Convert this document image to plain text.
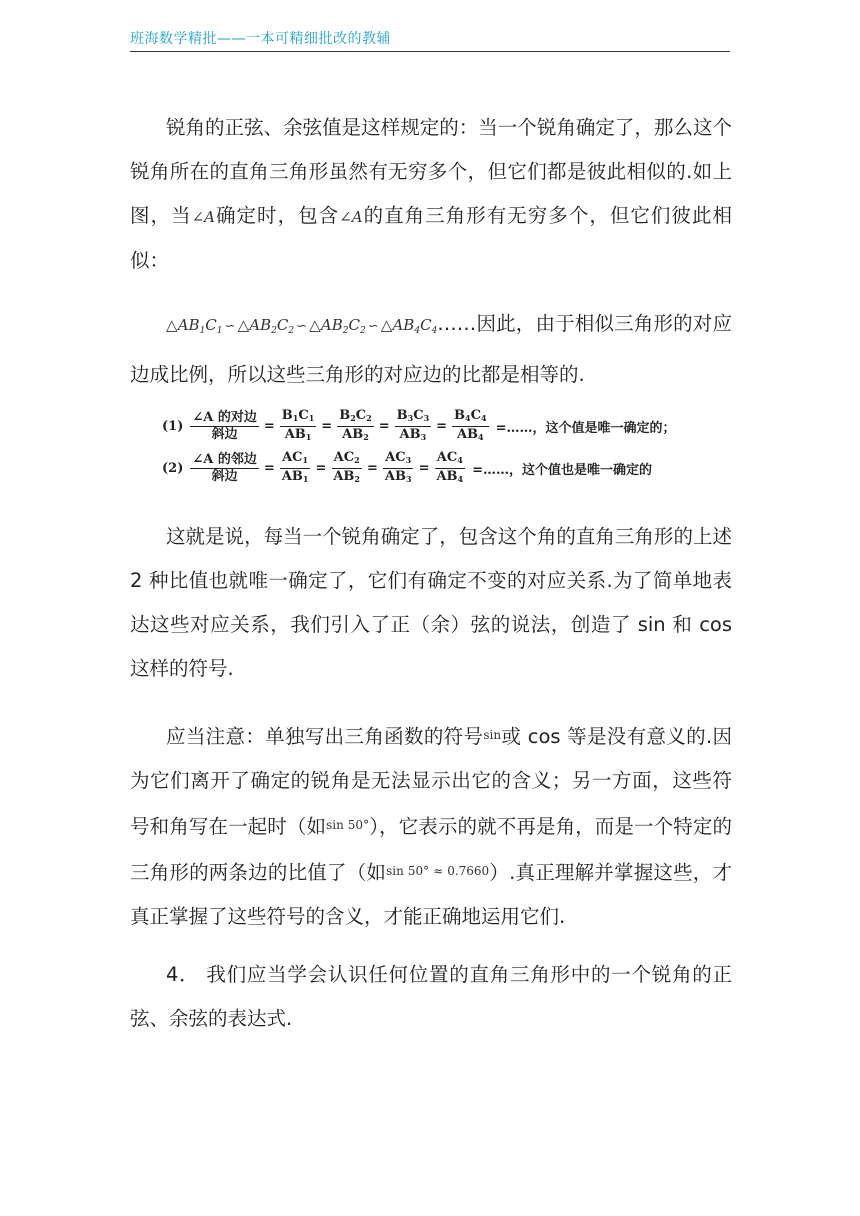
班海数学精批——一本可精细批改的教辅

锐角的正弦、余弦值是这样规定的：当一个锐角确定了，那么这个锐角所在的直角三角形虽然有无穷多个，但它们都是彼此相似的.如上图，当∠A确定时，包含∠A的直角三角形有无穷多个，但它们彼此相似：

$\triangle AB_1C_1$ ∽ $\triangle AB_2C_2$ ∽ $\triangle AB_2C_2$ ∽ $\triangle AB_4C_4\dots\dots$因此，由于相似三角形的对应边成比例，所以这些三角形的对应边的比都是相等的.

$(1) \frac{\text{∠A 的对边}}{\text{斜边}} = \frac{B1C1}{AB1} = \frac{B2C2}{AB2} = \frac{B3C3}{AB3} = \frac{B4C4}{AB4}$ =……，这个值是唯一确定的；
$(2) \frac{\text{∠A 的邻边}}{\text{斜边}} = \frac{AC1}{AB1} = \frac{AC2}{AB2} = \frac{AC3}{AB3} = \frac{AC4}{AB4}$ =……，这个值也是唯一确定的

这就是说，每当一个锐角确定了，包含这个角的直角三角形的上述 2 种比值也就唯一确定了，它们有确定不变的对应关系.为了简单地表达这些对应关系，我们引入了正（余）弦的说法，创造了 sin 和 cos 这样的符号.

应当注意：单独写出三角函数的符号$^{sin}$或 cos 等是没有意义的.因为它们离开了确定的锐角是无法显示出它的含义；另一方面，这些符号和角写在一起时（如$^{sin 50^\circ}$），它表示的就不再是角，而是一个特定的三角形的两条边的比值了（如$^{sin 50^\circ \approx 0.7660}$）.真正理解并掌握这些，才真正掌握了这些符号的含义，才能正确地运用它们.

4． 我们应当学会认识任何位置的直角三角形中的一个锐角的正弦、余弦的表达式.
